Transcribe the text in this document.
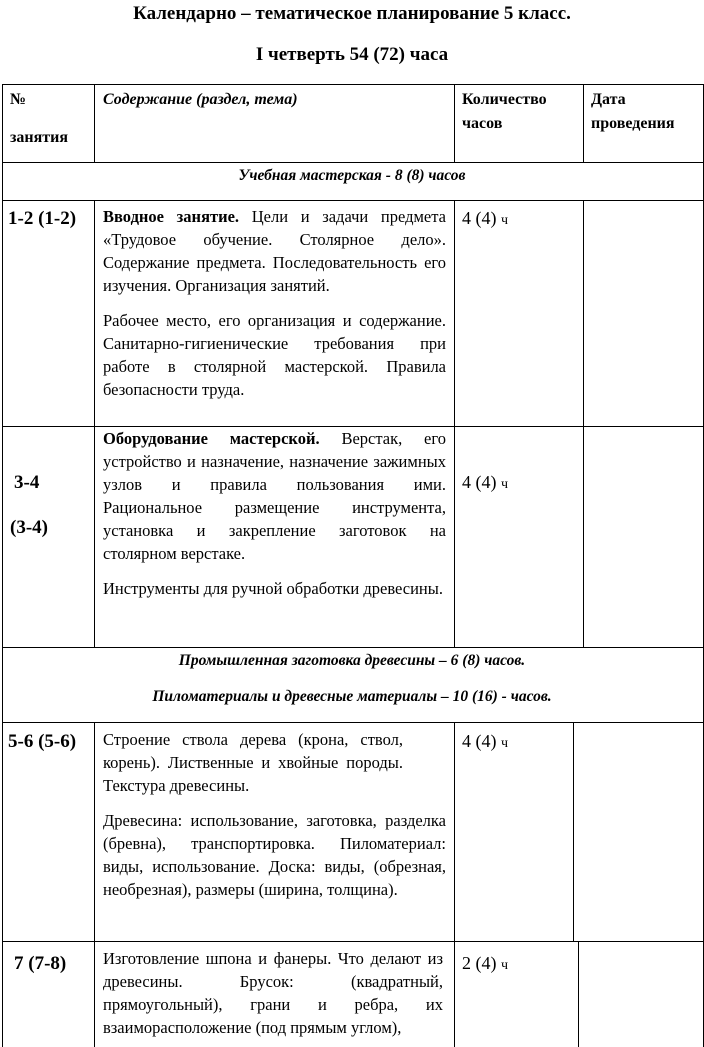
Календарно – тематическое планирование 5 класс.
I четверть 54 (72) часа
№
занятия
Содержание (раздел, тема)	Количество
часов
Дата
проведения
Учебная мастерская - 8 (8) часов
1-2 (1-2) Вводное занятие. Цели и задачи предмета «Трудовое обучение. Столярное дело». Содержание предмета. Последовательность его изучения. Организация занятий.

Рабочее место, его организация и содержание. Санитарно-гигиенические требования при работе в столярной мастерской. Правила безопасности труда.

4 (4) ч
3-4
(3-4)

Оборудование мастерской. Верстак, его устройство и назначение, назначение зажимных узлов и правила пользования ими. Рациональное размещение инструмента, установка и закрепление заготовок на столярном верстаке.

Инструменты для ручной обработки древесины.

4 (4) ч
Промышленная заготовка древесины – 6 (8) часов.
Пиломатериалы и древесные материалы – 10 (16) - часов.
5-6 (5-6) Строение ствола дерева (крона, ствол, корень). Лиственные и хвойные породы. Текстура древесины.

Древесина: использование, заготовка, разделка (бревна), транспортировка. Пиломатериал: виды, использование. Доска: виды, (обрезная, необрезная), размеры (ширина, толщина).

4 (4) ч
7 (7-8) Изготовление шпона и фанеры. Что делают из древесины. Брусок: (квадратный, прямоугольный), грани и ребра, их взаиморасположение (под прямым углом),

2 (4) ч
